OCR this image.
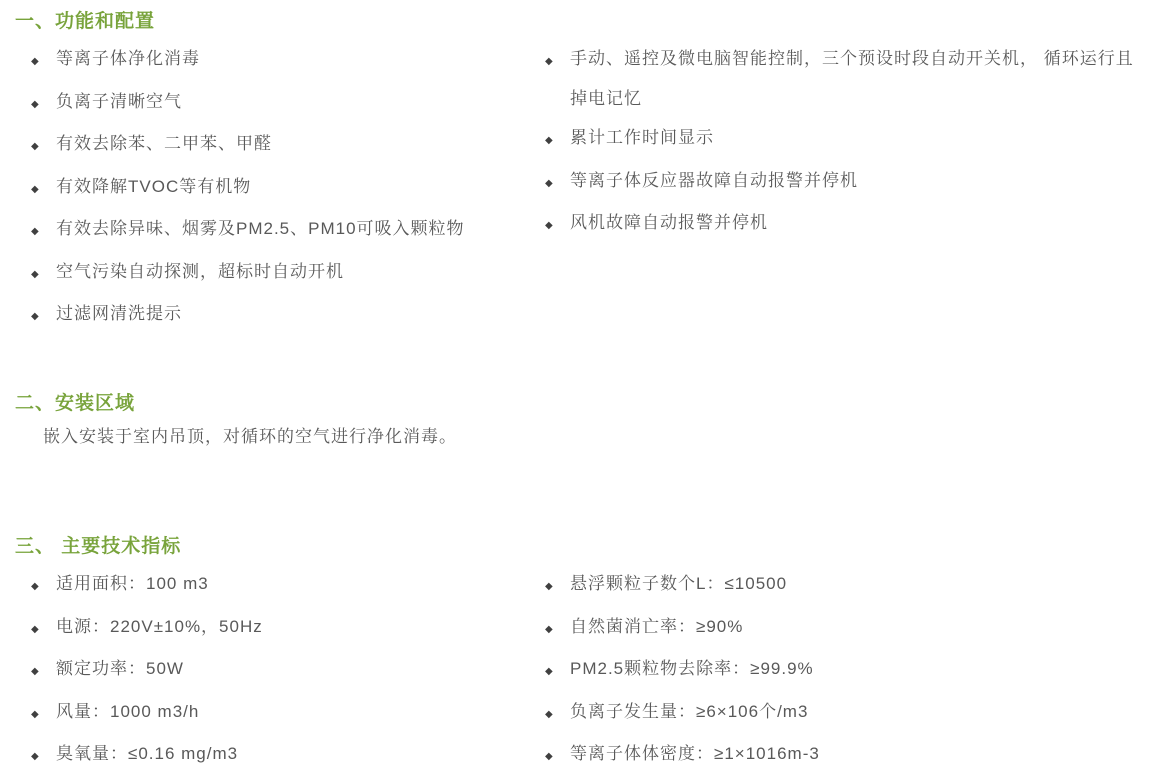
一、功能和配置
◆ 等离子体净化消毒
◆ 负离子清晰空气
◆ 有效去除苯、二甲苯、甲醛
◆ 有效降解TVOC等有机物
◆ 有效去除异味、烟雾及PM2.5、PM10可吸入颗粒物
◆ 空气污染自动探测，超标时自动开机
◆ 过滤网清洗提示
◆ 手动、遥控及微电脑智能控制，三个预设时段自动开关机， 循环运行且掉电记忆
◆ 累计工作时间显示
◆ 等离子体反应器故障自动报警并停机
◆ 风机故障自动报警并停机
二、安装区域
嵌入安装于室内吊顶，对循环的空气进行净化消毒。
三、 主要技术指标
◆ 适用面积：100 m3
◆ 电源：220V±10%，50Hz
◆ 额定功率：50W
◆ 风量：1000 m3/h
◆ 臭氧量：≤0.16 mg/m3
◆ 悬浮颗粒子数个L：≤10500
◆ 自然菌消亡率：≥90%
◆ PM2.5颗粒物去除率：≥99.9%
◆ 负离子发生量：≥6×106个/m3
◆ 等离子体体密度：≥1×1016m-3
